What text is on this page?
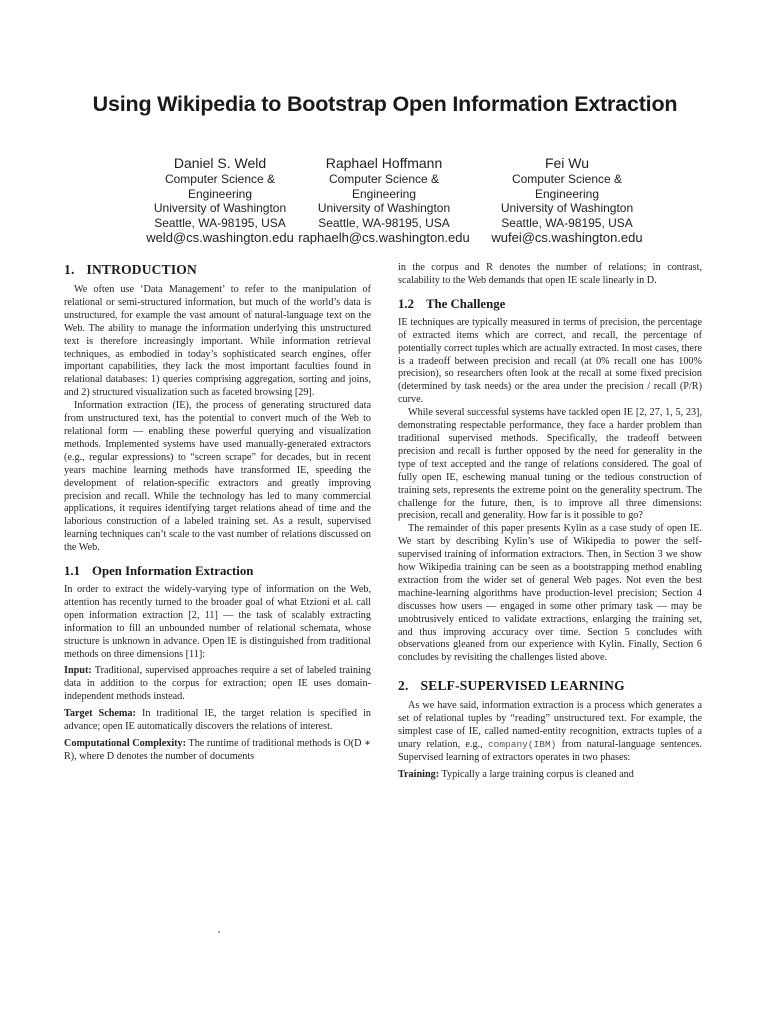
Using Wikipedia to Bootstrap Open Information Extraction
Daniel S. Weld
Computer Science &
Engineering
University of Washington
Seattle, WA-98195, USA
weld@cs.washington.edu
Raphael Hoffmann
Computer Science &
Engineering
University of Washington
Seattle, WA-98195, USA
raphaelh@cs.washington.edu
Fei Wu
Computer Science &
Engineering
University of Washington
Seattle, WA-98195, USA
wufei@cs.washington.edu
1. INTRODUCTION

We often use ‘Data Management’ to refer to the manipulation of relational or semi-structured information, but much of the world’s data is unstructured, for example the vast amount of natural-language text on the Web. The ability to manage the information underlying this unstructured text is therefore increasingly important. While information retrieval techniques, as embodied in today’s sophisticated search engines, offer important capabilities, they lack the most important faculties found in relational databases: 1) queries comprising aggregation, sorting and joins, and 2) structured visualization such as faceted browsing [29].

Information extraction (IE), the process of generating structured data from unstructured text, has the potential to convert much of the Web to relational form — enabling these powerful querying and visualization methods. Implemented systems have used manually-generated extractors (e.g., regular expressions) to “screen scrape” for decades, but in recent years machine learning methods have transformed IE, speeding the development of relation-specific extractors and greatly improving precision and recall. While the technology has led to many commercial applications, it requires identifying target relations ahead of time and the laborious construction of a labeled training set. As a result, supervised learning techniques can’t scale to the vast number of relations discussed on the Web.

1.1 Open Information Extraction

In order to extract the widely-varying type of information on the Web, attention has recently turned to the broader goal of what Etzioni et al. call open information extraction [2, 11] — the task of scalably extracting information to fill an unbounded number of relational schemata, whose structure is unknown in advance. Open IE is distinguished from traditional methods on three dimensions [11]:

Input: Traditional, supervised approaches require a set of labeled training data in addition to the corpus for extraction; open IE uses domain-independent methods instead.

Target Schema: In traditional IE, the target relation is specified in advance; open IE automatically discovers the relations of interest.

Computational Complexity: The runtime of traditional methods is O(D ∗ R), where D denotes the number of documents

in the corpus and R denotes the number of relations; in contrast, scalability to the Web demands that open IE scale linearly in D.

1.2 The Challenge

IE techniques are typically measured in terms of precision, the percentage of extracted items which are correct, and recall, the percentage of potentially correct tuples which are actually extracted. In most cases, there is a tradeoff between precision and recall (at 0% recall one has 100% precision), so researchers often look at the recall at some fixed precision (determined by task needs) or the area under the precision / recall (P/R) curve.

While several successful systems have tackled open IE [2, 27, 1, 5, 23], demonstrating respectable performance, they face a harder problem than traditional supervised methods. Specifically, the tradeoff between precision and recall is further opposed by the need for generality in the type of text accepted and the range of relations considered. The goal of fully open IE, eschewing manual tuning or the tedious construction of training sets, represents the extreme point on the generality spectrum. The challenge for the future, then, is to improve all three dimensions: precision, recall and generality. How far is it possible to go?

The remainder of this paper presents Kylin as a case study of open IE. We start by describing Kylin’s use of Wikipedia to power the self-supervised training of information extractors. Then, in Section 3 we show how Wikipedia training can be seen as a bootstrapping method enabling extraction from the wider set of general Web pages. Not even the best machine-learning algorithms have production-level precision; Section 4 discusses how users — engaged in some other primary task — may be unobtrusively enticed to validate extractions, enlarging the training set, and thus improving accuracy over time. Section 5 concludes with observations gleaned from our experience with Kylin. Finally, Section 6 concludes by revisiting the challenges listed above.

2. SELF-SUPERVISED LEARNING

As we have said, information extraction is a process which generates a set of relational tuples by “reading” unstructured text. For example, the simplest case of IE, called named-entity recognition, extracts tuples of a unary relation, e.g., company(IBM) from natural-language sentences. Supervised learning of extractors operates in two phases:

Training: Typically a large training corpus is cleaned and
